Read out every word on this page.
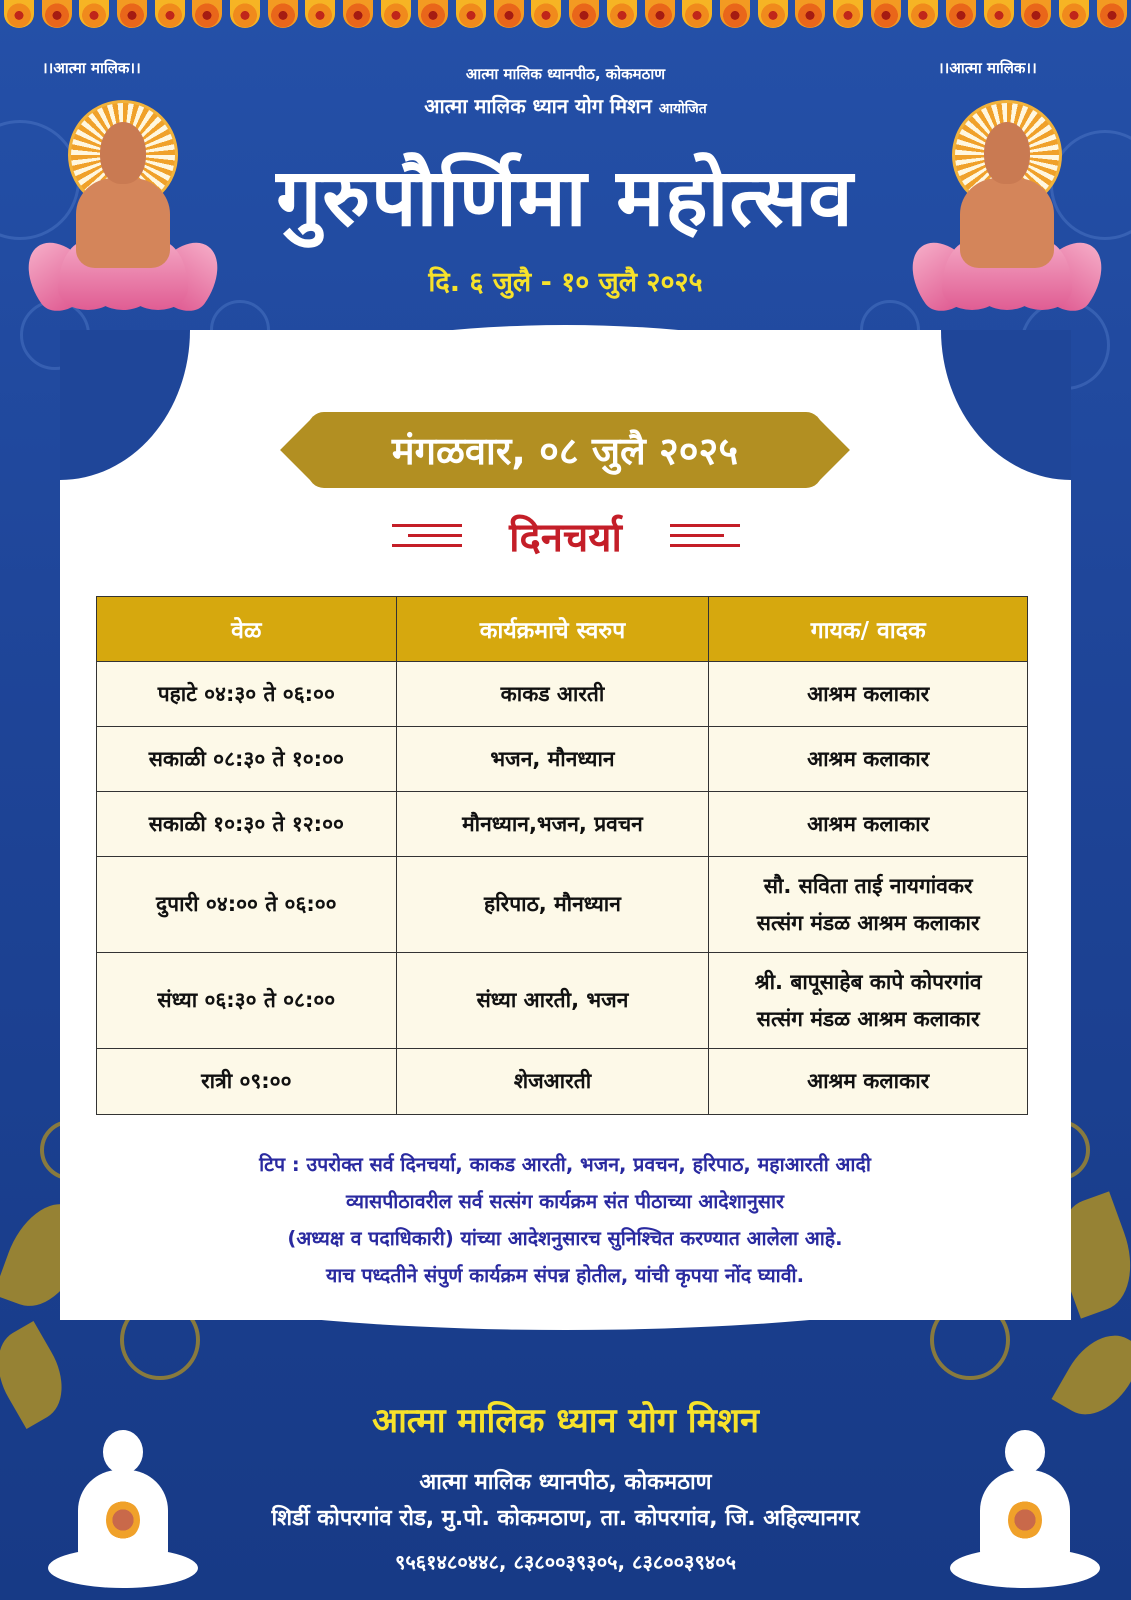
।।आत्मा मालिक।।	।।आत्मा मालिक।।
आत्मा मालिक ध्यानपीठ, कोकमठाण
आत्मा मालिक ध्यान योग मिशन आयोजित
गुरुपौर्णिमा महोत्सव
दि. ६ जुलै - १० जुलै २०२५
मंगळवार, ०८ जुलै २०२५
दिनचर्या
वेळ	कार्यक्रमाचे स्वरुप	गायक/ वादक
पहाटे ०४:३० ते ०६:००	काकड आरती	आश्रम कलाकार
सकाळी ०८:३० ते १०:००	भजन, मौनध्यान	आश्रम कलाकार
सकाळी १०:३० ते १२:००	मौनध्यान,भजन, प्रवचन	आश्रम कलाकार
दुपारी ०४:०० ते ०६:००	हरिपाठ, मौनध्यान	सौ. सविता ताई नायगांवकर
सत्संग मंडळ आश्रम कलाकार

संध्या ०६:३० ते ०८:००	संध्या आरती, भजन	श्री. बापूसाहेब कापे कोपरगांव
सत्संग मंडळ आश्रम कलाकार

रात्री ०९:००	शेजआरती	आश्रम कलाकार
टिप : उपरोक्त सर्व दिनचर्या, काकड आरती, भजन, प्रवचन, हरिपाठ, महाआरती आदी
व्यासपीठावरील सर्व सत्संग कार्यक्रम संत पीठाच्या आदेशानुसार
(अध्यक्ष व पदाधिकारी) यांच्या आदेशनुसारच सुनिश्चित करण्यात आलेला आहे.
याच पध्दतीने संपुर्ण कार्यक्रम संपन्न होतील, यांची कृपया नोंद घ्यावी.
आत्मा मालिक ध्यान योग मिशन
आत्मा मालिक ध्यानपीठ, कोकमठाण
शिर्डी कोपरगांव रोड, मु.पो. कोकमठाण, ता. कोपरगांव, जि. अहिल्यानगर
९५६१४८०४४८, ८३८००३९३०५, ८३८००३९४०५
